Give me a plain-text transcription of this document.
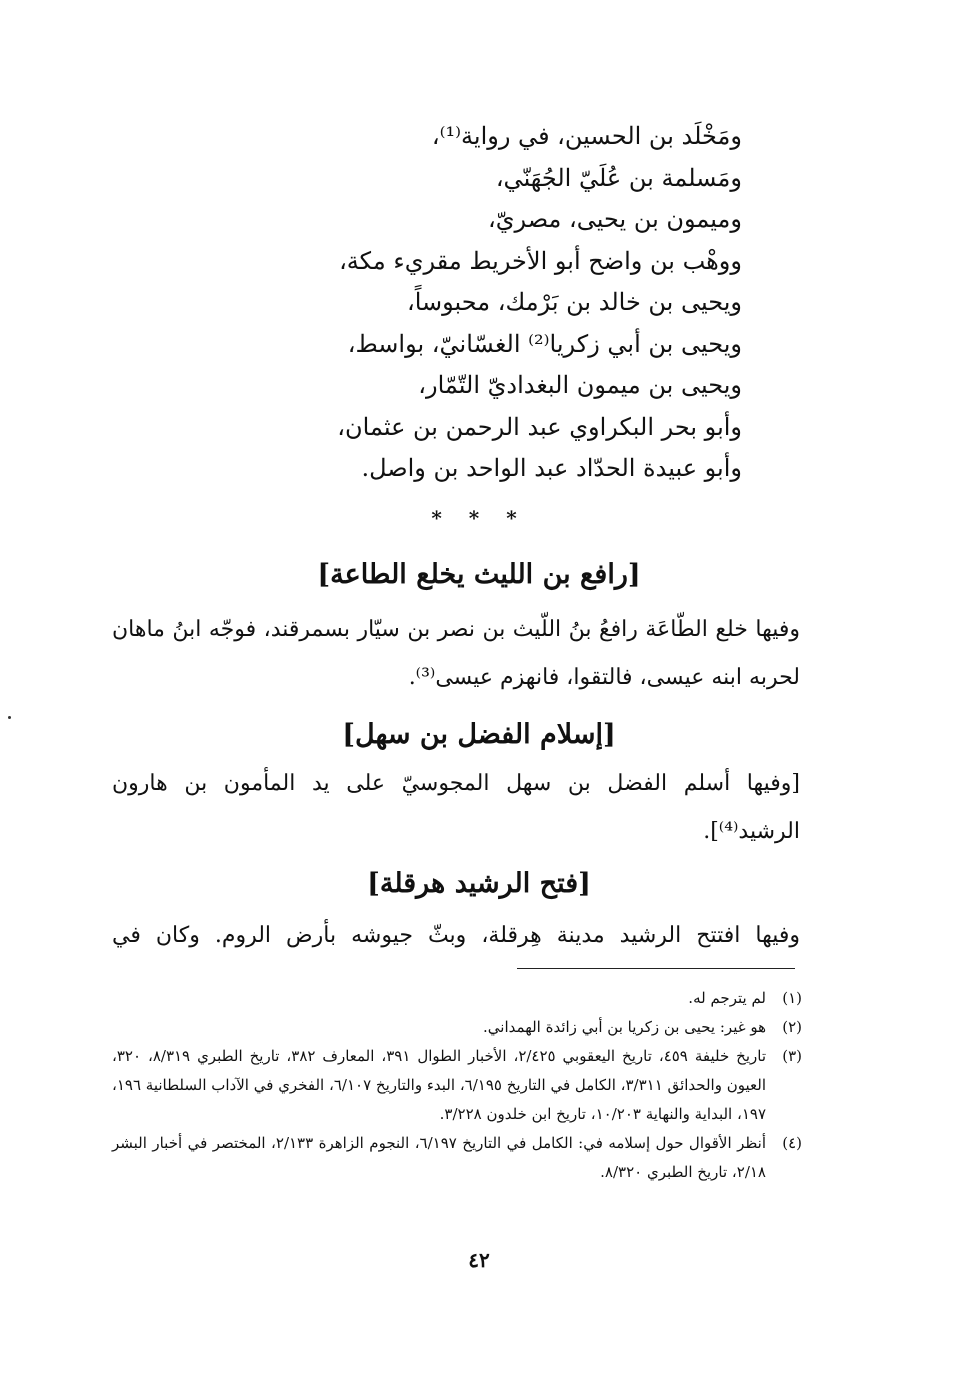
ومَخْلَد بن الحسين، في رواية⁽¹⁾،
ومَسلمة بن عُلَيّ الجُهَنّي،
وميمون بن يحيى، مصريّ،
ووهْب بن واضح أبو الأخريط مقريء مكة،
ويحيى بن خالد بن بَرْمك، محبوساً،
ويحيى بن أبي زكريا⁽²⁾ الغسّانيّ، بواسط،
ويحيى بن ميمون البغداديّ التّمّار،
وأبو بحر البكراوي عبد الرحمن بن عثمان،
وأبو عبيدة الحدّاد عبد الواحد بن واصل.
* * *
[رافع بن الليث يخلع الطاعة]

وفيها خلع الطّاعَة رافعُ بنُ اللّيث بن نصر بن سيّار بسمرقند، فوجّه ابنُ ماهان لحربه ابنه عيسى، فالتقوا، فانهزم عيسى⁽³⁾.

[إسلام الفضل بن سهل]

[وفيها أسلم الفضل بن سهل المجوسيّ على يد المأمون بن هارون الرشيد⁽⁴⁾].

[فتح الرشيد هرقلة]

وفيها افتتح الرشيد مدينة هِرقلة، وبثّ جيوشه بأرض الروم. وكان في

(١)
لم يترجم له.
(٢)
هو غير: يحيى بن زكريا بن أبي زائدة الهمداني.
(٣)
تاريخ خليفة ٤٥٩، تاريخ اليعقوبي ٢/٤٢٥، الأخبار الطوال ٣٩١، المعارف ٣٨٢، تاريخ الطبري ٨/٣١٩، ٣٢٠، العيون والحدائق ٣/٣١١، الكامل في التاريخ ٦/١٩٥، البدء والتاريخ ٦/١٠٧، الفخري في الآداب السلطانية ١٩٦، ١٩٧، البداية والنهاية ١٠/٢٠٣، تاريخ ابن خلدون ٣/٢٢٨.
(٤)
أنظر الأقوال حول إسلامه في: الكامل في التاريخ ٦/١٩٧، النجوم الزاهرة ٢/١٣٣، المختصر في أخبار البشر ٢/١٨، تاريخ الطبري ٨/٣٢٠.
٤٢
